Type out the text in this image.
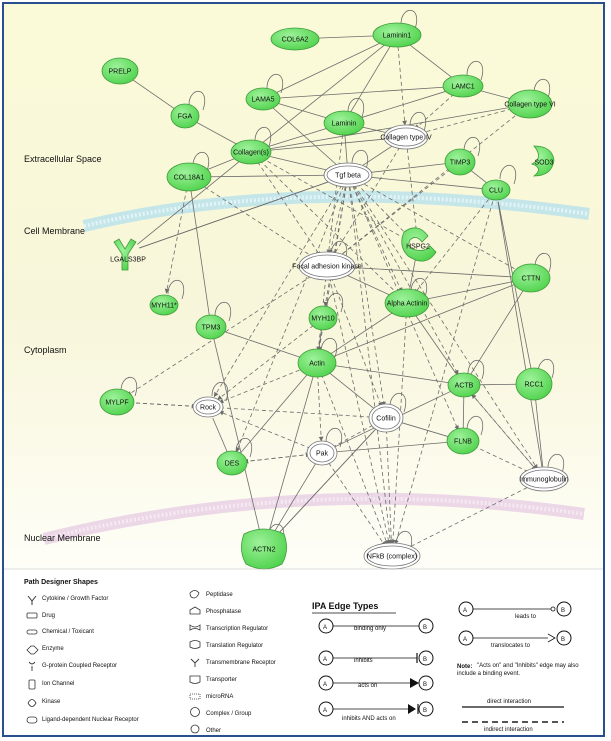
Extracellular Space
Cell Membrane
Cytoplasm
Nuclear Membrane
Laminin1
COL6A2
PRELP
LAMC1
LAMA5
Collagen type VI
Laminin
FGA
Collagen(s)
TIMP3
COL18A1
CLU
CTTN
MYH11*	Alpha Actinin
TPM3
MYH10
Actin
RCC1
ACTB
MYLPF
FLNB
DES
Collagen type IV
Tgf beta
Focal adhesion kinase
Rock
Cofilin
Pak
Immunoglobulin
NFkB (complex)
SOD3
HSPG2
LGALS3BP
ACTN2
Path Designer Shapes
Cytokine / Growth Factor
Drug
Chemical / Toxicant
Enzyme
G-protein Coupled Receptor
Ion Channel
Kinase
Ligand-dependent Nuclear Receptor
Peptidase
Phosphatase
Transcription Regulator
Translation Regulator
Transmembrane Receptor
Transporter
microRNA
Complex / Group
Other
IPA Edge Types
A	B
binding only
A	B
inhibits
A	B
acts on
A	B
inhibits AND acts on
A	B
leads to
A	B
translocates to
Note: "Acts on" and "Inhibits" edge may also include a binding event.
direct interaction
indirect interaction
